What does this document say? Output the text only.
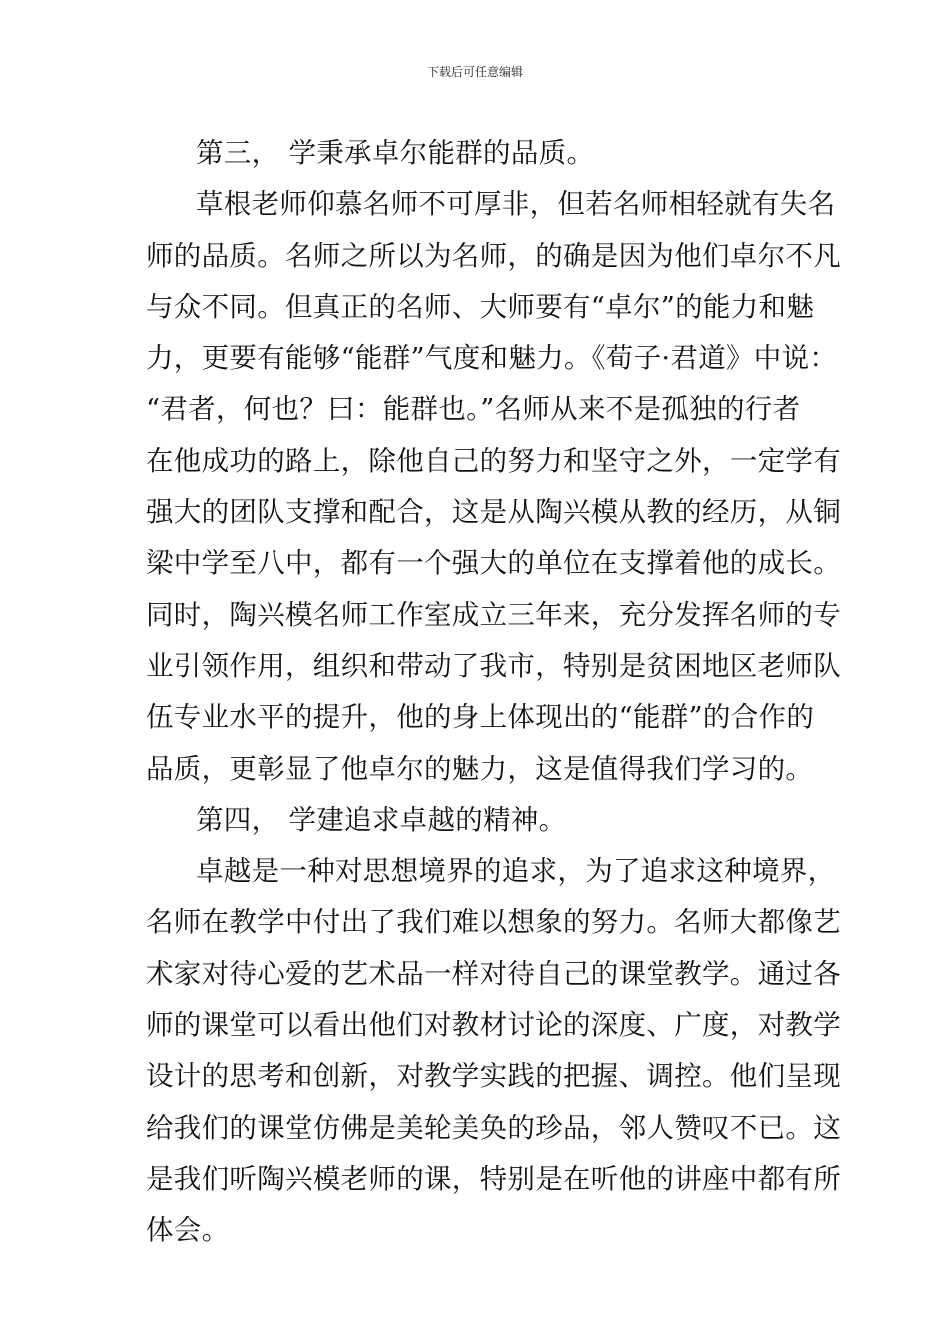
下载后可任意编辑
第三， 学秉承卓尔能群的品质。
草根老师仰慕名师不可厚非，但若名师相轻就有失名
师的品质。名师之所以为名师，的确是因为他们卓尔不凡
与众不同。但真正的名师、大师要有“卓尔”的能力和魅
力，更要有能够“能群”气度和魅力。《荀子·君道》中说：
“君者，何也？曰：能群也。”名师从来不是孤独的行者
在他成功的路上，除他自己的努力和坚守之外，一定学有
强大的团队支撑和配合，这是从陶兴模从教的经历，从铜
梁中学至八中，都有一个强大的单位在支撑着他的成长。
同时，陶兴模名师工作室成立三年来，充分发挥名师的专
业引领作用，组织和带动了我市，特别是贫困地区老师队
伍专业水平的提升，他的身上体现出的“能群”的合作的
品质，更彰显了他卓尔的魅力，这是值得我们学习的。
第四， 学建追求卓越的精神。
卓越是一种对思想境界的追求，为了追求这种境界，
名师在教学中付出了我们难以想象的努力。名师大都像艺
术家对待心爱的艺术品一样对待自己的课堂教学。通过各
师的课堂可以看出他们对教材讨论的深度、广度，对教学
设计的思考和创新，对教学实践的把握、调控。他们呈现
给我们的课堂仿佛是美轮美奂的珍品，邻人赞叹不已。这
是我们听陶兴模老师的课，特别是在听他的讲座中都有所
体会。
